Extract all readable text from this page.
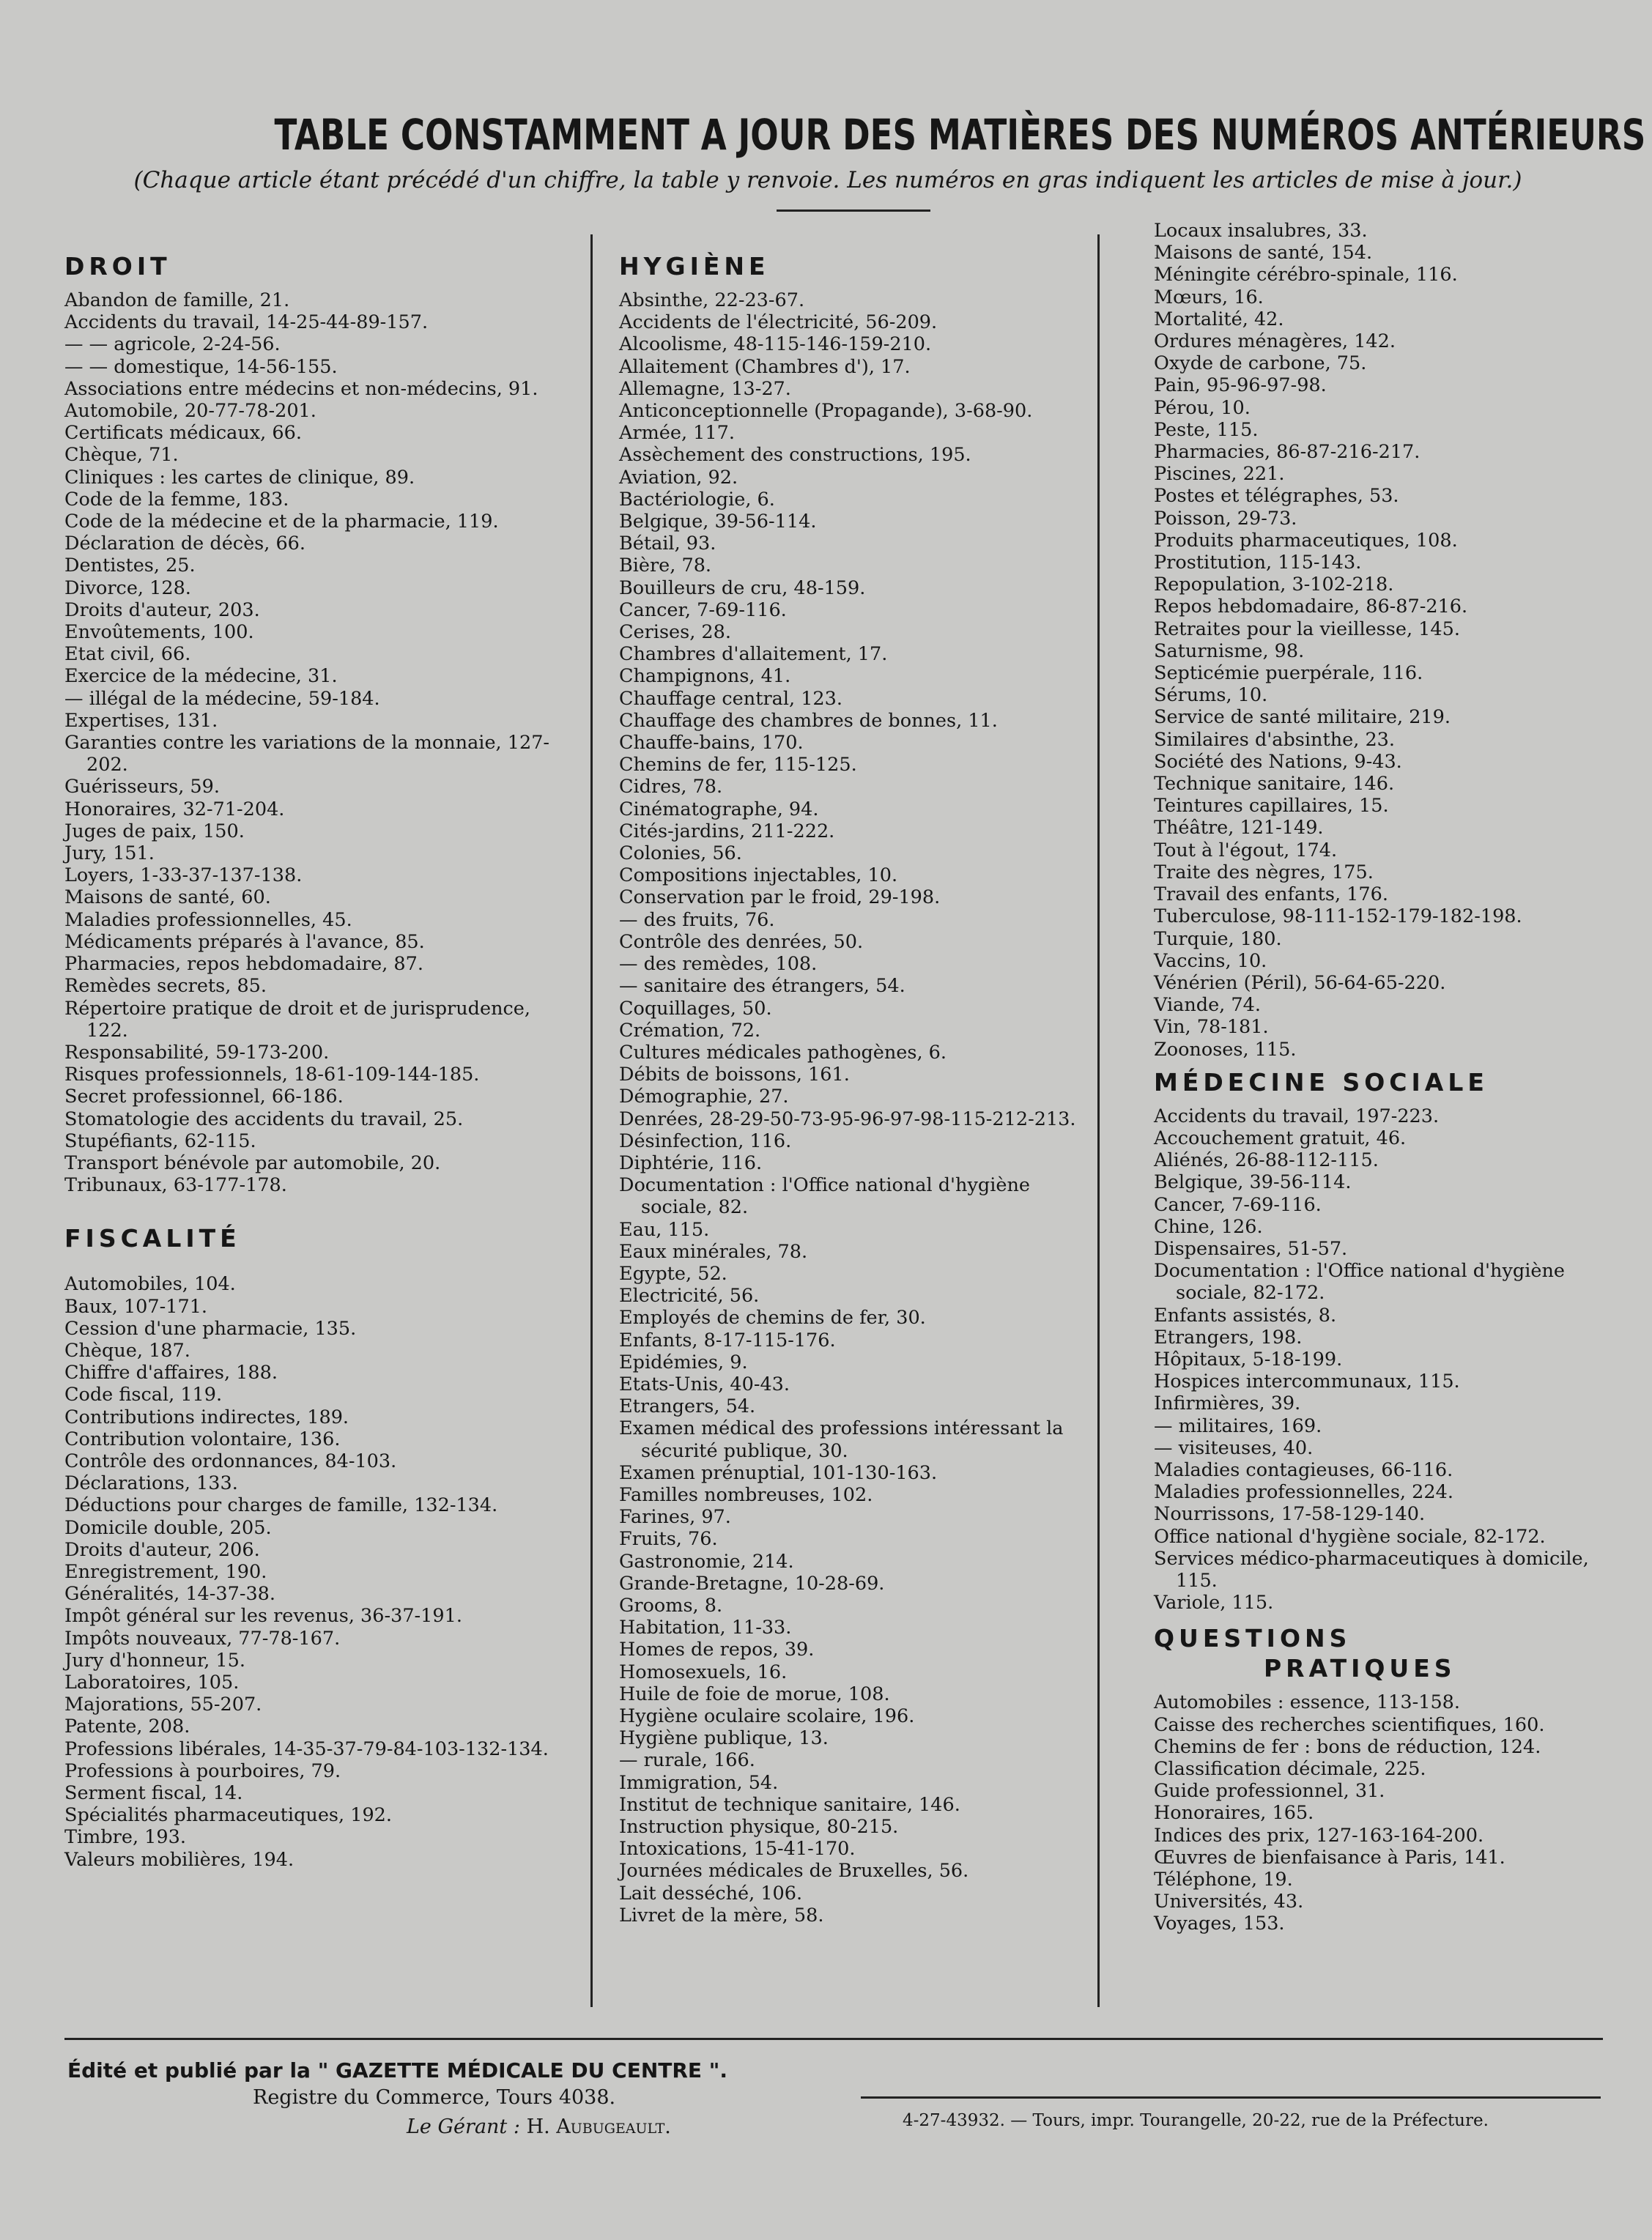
TABLE CONSTAMMENT A JOUR DES MATIÈRES DES NUMÉROS ANTÉRIEURS
(Chaque article étant précédé d'un chiffre, la table y renvoie. Les numéros en gras indiquent les articles de mise à jour.)
DROIT
Abandon de famille, 21.
Accidents du travail, 14-25-44-89-157.
— — agricole, 2-24-56.
— — domestique, 14-56-155.
Associations entre médecins et non-médecins, 91.
Automobile, 20-77-78-201.
Certificats médicaux, 66.
Chèque, 71.
Cliniques : les cartes de clinique, 89.
Code de la femme, 183.
Code de la médecine et de la pharmacie, 119.
Déclaration de décès, 66.
Dentistes, 25.
Divorce, 128.
Droits d'auteur, 203.
Envoûtements, 100.
Etat civil, 66.
Exercice de la médecine, 31.
— illégal de la médecine, 59-184.
Expertises, 131.
Garanties contre les variations de la monnaie, 127-202.
Guérisseurs, 59.
Honoraires, 32-71-204.
Juges de paix, 150.
Jury, 151.
Loyers, 1-33-37-137-138.
Maisons de santé, 60.
Maladies professionnelles, 45.
Médicaments préparés à l'avance, 85.
Pharmacies, repos hebdomadaire, 87.
Remèdes secrets, 85.
Répertoire pratique de droit et de jurisprudence, 122.
Responsabilité, 59-173-200.
Risques professionnels, 18-61-109-144-185.
Secret professionnel, 66-186.
Stomatologie des accidents du travail, 25.
Stupéfiants, 62-115.
Transport bénévole par automobile, 20.
Tribunaux, 63-177-178.
FISCALITÉ
Automobiles, 104.
Baux, 107-171.
Cession d'une pharmacie, 135.
Chèque, 187.
Chiffre d'affaires, 188.
Code fiscal, 119.
Contributions indirectes, 189.
Contribution volontaire, 136.
Contrôle des ordonnances, 84-103.
Déclarations, 133.
Déductions pour charges de famille, 132-134.
Domicile double, 205.
Droits d'auteur, 206.
Enregistrement, 190.
Généralités, 14-37-38.
Impôt général sur les revenus, 36-37-191.
Impôts nouveaux, 77-78-167.
Jury d'honneur, 15.
Laboratoires, 105.
Majorations, 55-207.
Patente, 208.
Professions libérales, 14-35-37-79-84-103-132-134.
Professions à pourboires, 79.
Serment fiscal, 14.
Spécialités pharmaceutiques, 192.
Timbre, 193.
Valeurs mobilières, 194.
HYGIÈNE
Absinthe, 22-23-67.
Accidents de l'électricité, 56-209.
Alcoolisme, 48-115-146-159-210.
Allaitement (Chambres d'), 17.
Allemagne, 13-27.
Anticonceptionnelle (Propagande), 3-68-90.
Armée, 117.
Assèchement des constructions, 195.
Aviation, 92.
Bactériologie, 6.
Belgique, 39-56-114.
Bétail, 93.
Bière, 78.
Bouilleurs de cru, 48-159.
Cancer, 7-69-116.
Cerises, 28.
Chambres d'allaitement, 17.
Champignons, 41.
Chauffage central, 123.
Chauffage des chambres de bonnes, 11.
Chauffe-bains, 170.
Chemins de fer, 115-125.
Cidres, 78.
Cinématographe, 94.
Cités-jardins, 211-222.
Colonies, 56.
Compositions injectables, 10.
Conservation par le froid, 29-198.
— des fruits, 76.
Contrôle des denrées, 50.
— des remèdes, 108.
— sanitaire des étrangers, 54.
Coquillages, 50.
Crémation, 72.
Cultures médicales pathogènes, 6.
Débits de boissons, 161.
Démographie, 27.
Denrées, 28-29-50-73-95-96-97-98-115-212-213.
Désinfection, 116.
Diphtérie, 116.
Documentation : l'Office national d'hygiène sociale, 82.
Eau, 115.
Eaux minérales, 78.
Egypte, 52.
Electricité, 56.
Employés de chemins de fer, 30.
Enfants, 8-17-115-176.
Epidémies, 9.
Etats-Unis, 40-43.
Etrangers, 54.
Examen médical des professions intéressant la sécurité publique, 30.
Examen prénuptial, 101-130-163.
Familles nombreuses, 102.
Farines, 97.
Fruits, 76.
Gastronomie, 214.
Grande-Bretagne, 10-28-69.
Grooms, 8.
Habitation, 11-33.
Homes de repos, 39.
Homosexuels, 16.
Huile de foie de morue, 108.
Hygiène oculaire scolaire, 196.
Hygiène publique, 13.
— rurale, 166.
Immigration, 54.
Institut de technique sanitaire, 146.
Instruction physique, 80-215.
Intoxications, 15-41-170.
Journées médicales de Bruxelles, 56.
Lait desséché, 106.
Livret de la mère, 58.
Locaux insalubres, 33.
Maisons de santé, 154.
Méningite cérébro-spinale, 116.
Mœurs, 16.
Mortalité, 42.
Ordures ménagères, 142.
Oxyde de carbone, 75.
Pain, 95-96-97-98.
Pérou, 10.
Peste, 115.
Pharmacies, 86-87-216-217.
Piscines, 221.
Postes et télégraphes, 53.
Poisson, 29-73.
Produits pharmaceutiques, 108.
Prostitution, 115-143.
Repopulation, 3-102-218.
Repos hebdomadaire, 86-87-216.
Retraites pour la vieillesse, 145.
Saturnisme, 98.
Septicémie puerpérale, 116.
Sérums, 10.
Service de santé militaire, 219.
Similaires d'absinthe, 23.
Société des Nations, 9-43.
Technique sanitaire, 146.
Teintures capillaires, 15.
Théâtre, 121-149.
Tout à l'égout, 174.
Traite des nègres, 175.
Travail des enfants, 176.
Tuberculose, 98-111-152-179-182-198.
Turquie, 180.
Vaccins, 10.
Vénérien (Péril), 56-64-65-220.
Viande, 74.
Vin, 78-181.
Zoonoses, 115.
MÉDECINE SOCIALE
Accidents du travail, 197-223.
Accouchement gratuit, 46.
Aliénés, 26-88-112-115.
Belgique, 39-56-114.
Cancer, 7-69-116.
Chine, 126.
Dispensaires, 51-57.
Documentation : l'Office national d'hygiène sociale, 82-172.
Enfants assistés, 8.
Etrangers, 198.
Hôpitaux, 5-18-199.
Hospices intercommunaux, 115.
Infirmières, 39.
— militaires, 169.
— visiteuses, 40.
Maladies contagieuses, 66-116.
Maladies professionnelles, 224.
Nourrissons, 17-58-129-140.
Office national d'hygiène sociale, 82-172.
Services médico-pharmaceutiques à domicile, 115.
Variole, 115.
QUESTIONS
PRATIQUES
Automobiles : essence, 113-158.
Caisse des recherches scientifiques, 160.
Chemins de fer : bons de réduction, 124.
Classification décimale, 225.
Guide professionnel, 31.
Honoraires, 165.
Indices des prix, 127-163-164-200.
Œuvres de bienfaisance à Paris, 141.
Téléphone, 19.
Universités, 43.
Voyages, 153.
Édité et publié par la " GAZETTE MÉDICALE DU CENTRE ".
Registre du Commerce, Tours 4038.
Le Gérant : H. Aubugeault.	4-27-43932. — Tours, impr. Tourangelle, 20-22, rue de la Préfecture.
